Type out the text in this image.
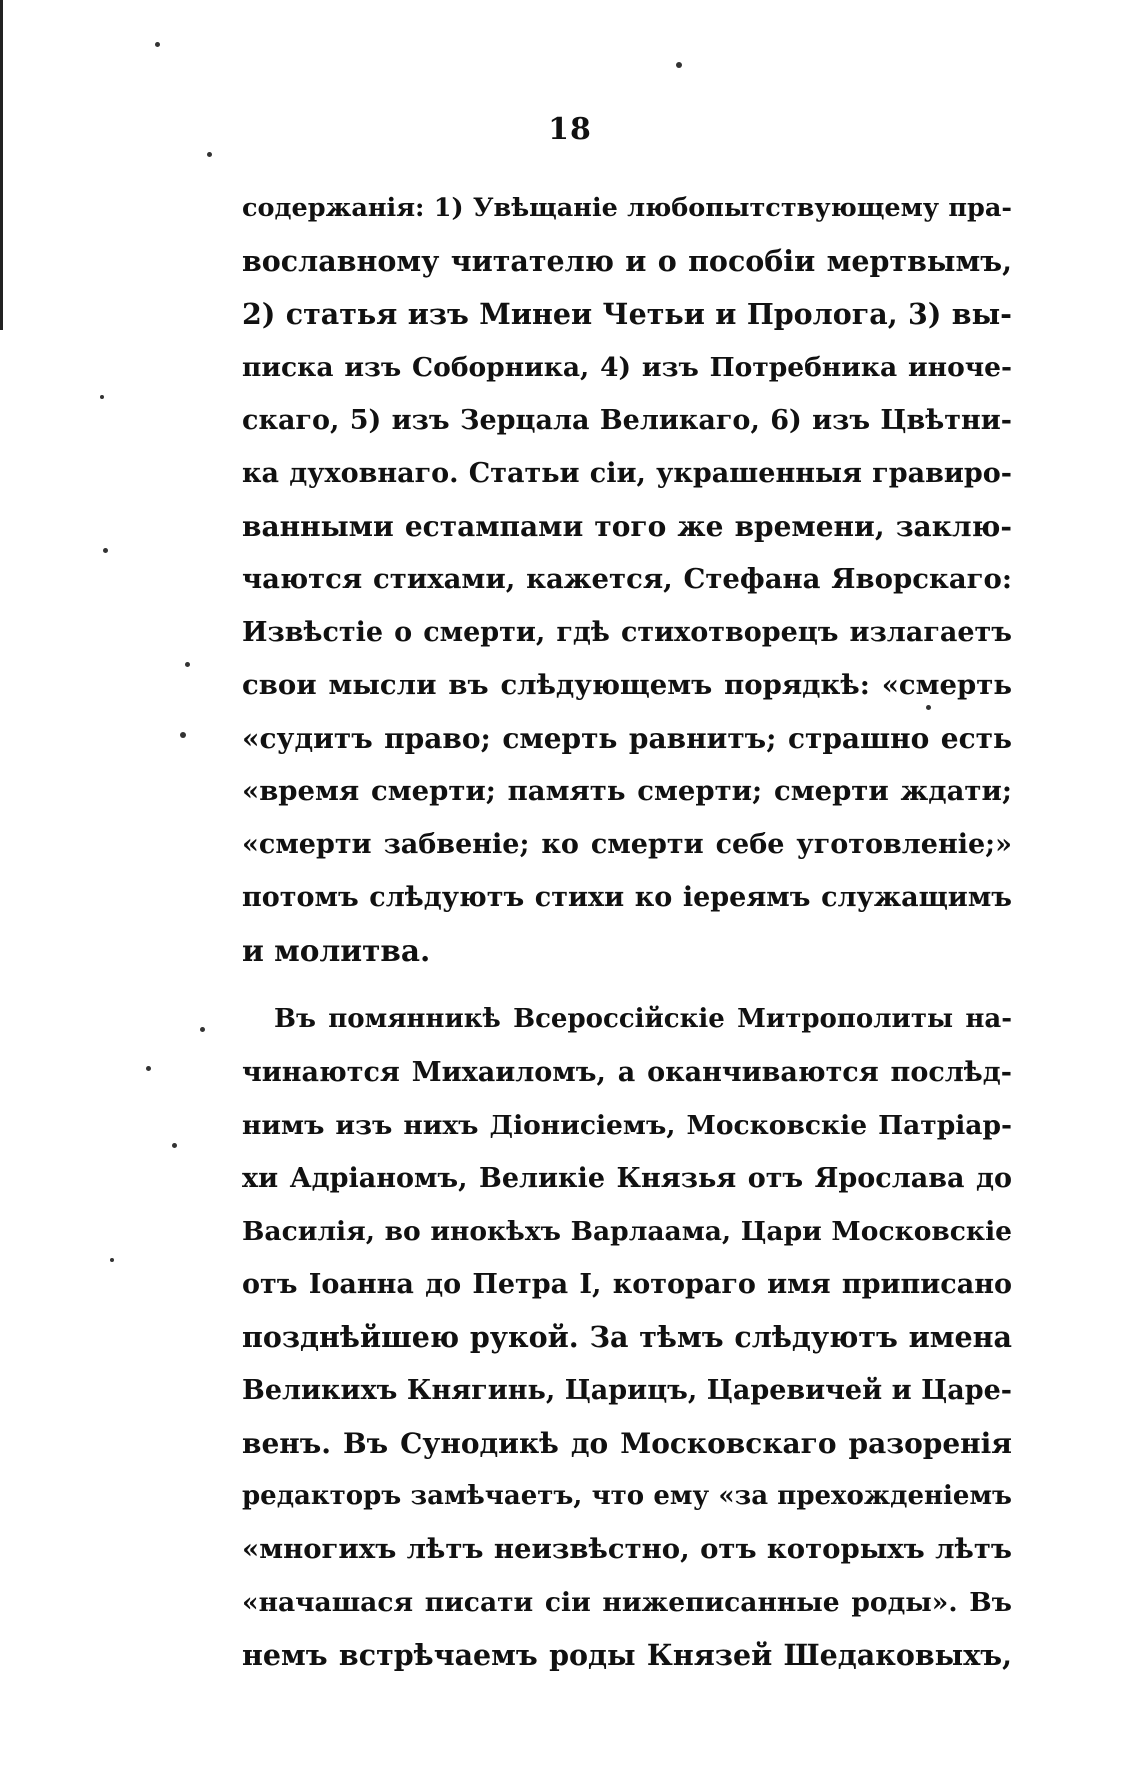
18
содержанія: 1) Увѣщаніе любопытствующему пра-
вославному читателю и о пособіи мертвымъ,
2) статья изъ Минеи Четьи и Пролога, 3) вы-
писка изъ Соборника, 4) изъ Потребника иноче-
скаго, 5) изъ Зерцала Великаго, 6) изъ Цвѣтни-
ка духовнаго. Статьи сіи, украшенныя гравиро-
ванными естампами того же времени, заклю-
чаются стихами, кажется, Стефана Яворскаго:
Извѣстіе о смерти, гдѣ стихотворецъ излагаетъ
свои мысли въ слѣдующемъ порядкѣ: «смерть
«судитъ право; смерть равнитъ; страшно есть
«время смерти; память смерти; смерти ждати;
«смерти забвеніе; ко смерти себе уготовленіе;»
потомъ слѣдуютъ стихи ко іереямъ служащимъ
и молитва.
Въ помянникѣ Всероссійскіе Митрополиты на-
чинаются Михаиломъ, а оканчиваются послѣд-
нимъ изъ нихъ Діонисіемъ, Московскіе Патріар-
хи Адріаномъ, Великіе Князья отъ Ярослава до
Василія, во инокѣхъ Варлаама, Цари Московскіе
отъ Іоанна до Петра I, котораго имя приписано
позднѣйшею рукой. За тѣмъ слѣдуютъ имена
Великихъ Княгинь, Царицъ, Царевичей и Царе-
венъ. Въ Сунодикѣ до Московскаго разоренія
редакторъ замѣчаетъ, что ему «за прехожденіемъ
«многихъ лѣтъ неизвѣстно, отъ которыхъ лѣтъ
«начашася писати сіи нижеписанные роды». Въ
немъ встрѣчаемъ роды Князей Шедаковыхъ,
